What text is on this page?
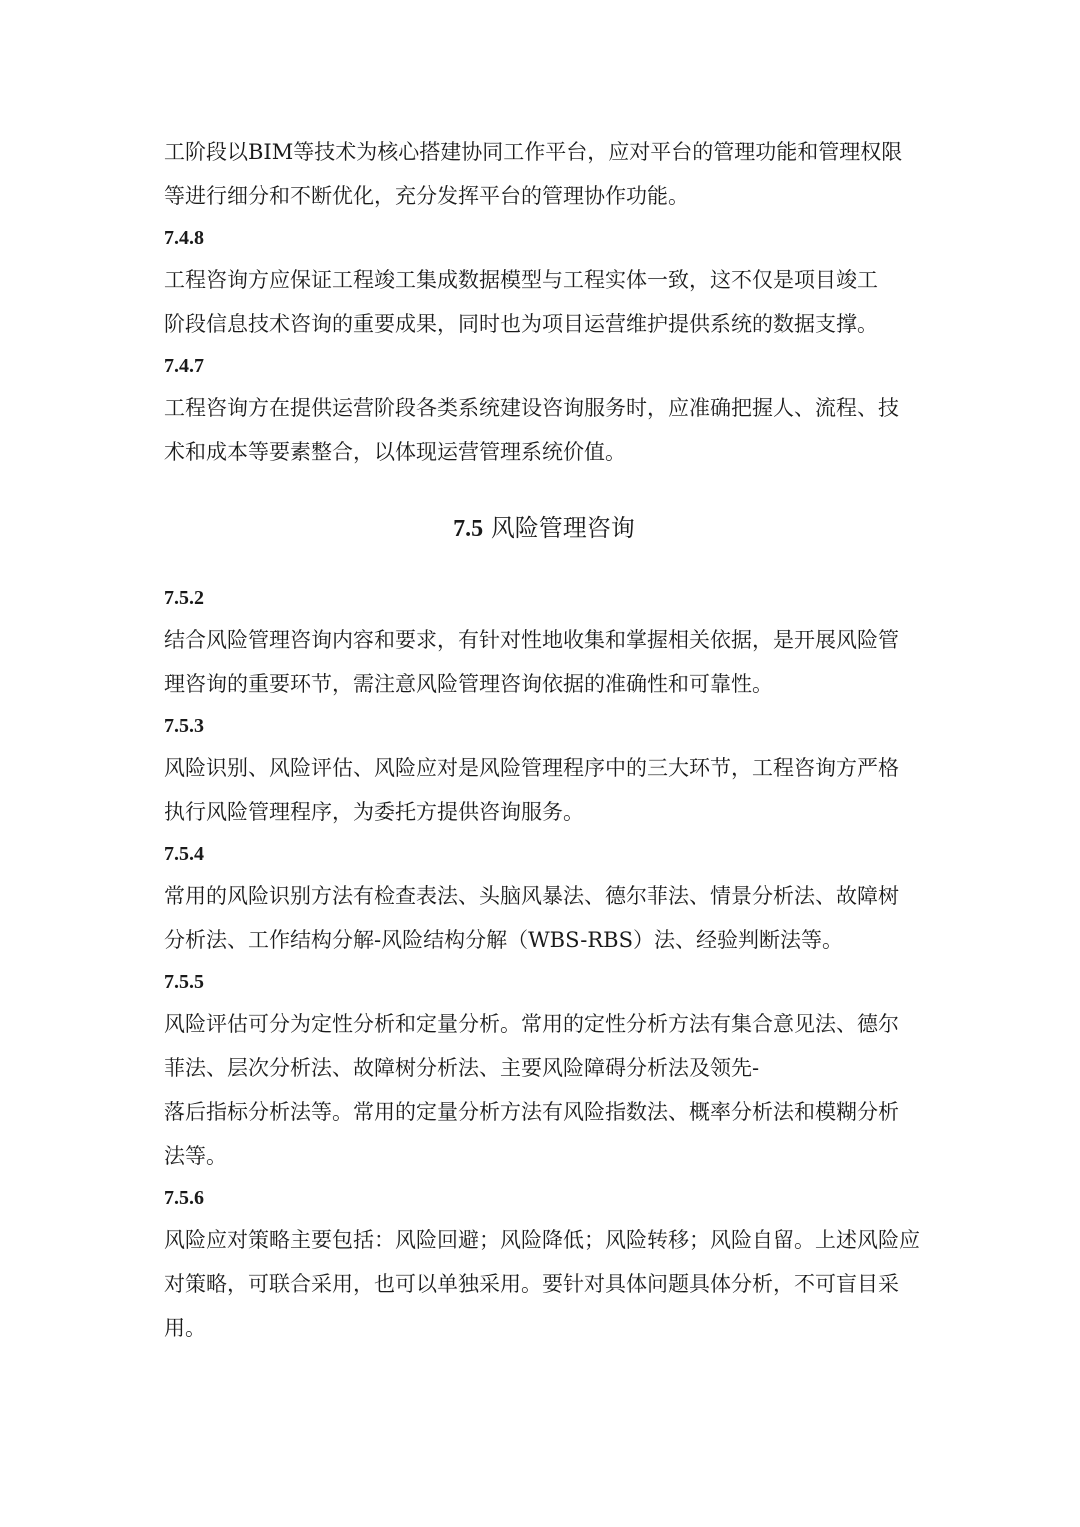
工阶段以BIM等技术为核心搭建协同工作平台，应对平台的管理功能和管理权限

等进行细分和不断优化，充分发挥平台的管理协作功能。

7.4.8

工程咨询方应保证工程竣工集成数据模型与工程实体一致，这不仅是项目竣工

阶段信息技术咨询的重要成果，同时也为项目运营维护提供系统的数据支撑。

7.4.7

工程咨询方在提供运营阶段各类系统建设咨询服务时，应准确把握人、流程、技

术和成本等要素整合，以体现运营管理系统价值。

7.5 风险管理咨询

7.5.2

结合风险管理咨询内容和要求，有针对性地收集和掌握相关依据，是开展风险管

理咨询的重要环节，需注意风险管理咨询依据的准确性和可靠性。

7.5.3

风险识别、风险评估、风险应对是风险管理程序中的三大环节，工程咨询方严格

执行风险管理程序，为委托方提供咨询服务。

7.5.4

常用的风险识别方法有检查表法、头脑风暴法、德尔菲法、情景分析法、故障树

分析法、工作结构分解-风险结构分解（WBS-RBS）法、经验判断法等。

7.5.5

风险评估可分为定性分析和定量分析。常用的定性分析方法有集合意见法、德尔

菲法、层次分析法、故障树分析法、主要风险障碍分析法及领先-

落后指标分析法等。常用的定量分析方法有风险指数法、概率分析法和模糊分析

法等。

7.5.6

风险应对策略主要包括：风险回避；风险降低；风险转移；风险自留。上述风险应

对策略，可联合采用，也可以单独采用。要针对具体问题具体分析，不可盲目采

用。
